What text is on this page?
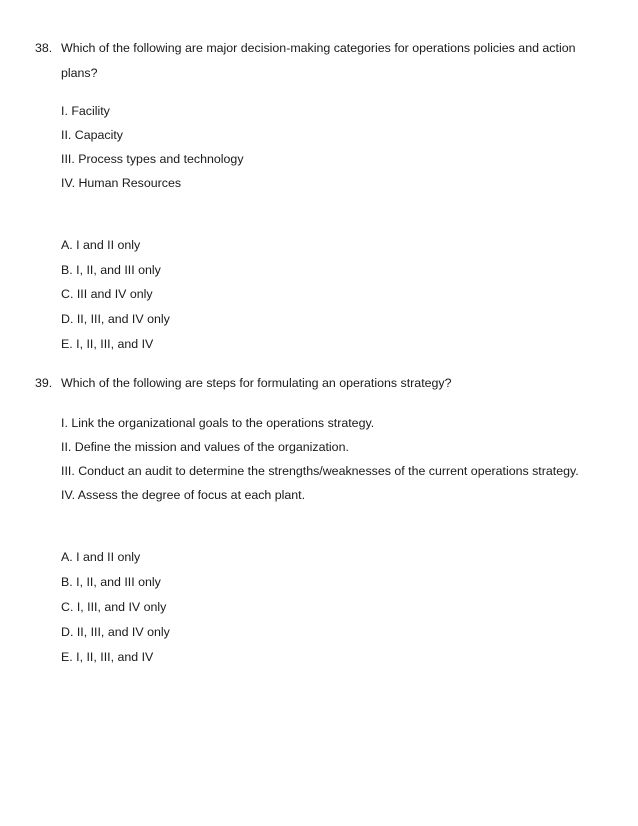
38. Which of the following are major decision-making categories for operations policies and action
plans?
I. Facility
II. Capacity
III. Process types and technology
IV. Human Resources
A. I and II only
B. I, II, and III only
C. III and IV only
D. II, III, and IV only
E. I, II, III, and IV
39. Which of the following are steps for formulating an operations strategy?
I. Link the organizational goals to the operations strategy.
II. Define the mission and values of the organization.
III. Conduct an audit to determine the strengths/weaknesses of the current operations strategy.
IV. Assess the degree of focus at each plant.
A. I and II only
B. I, II, and III only
C. I, III, and IV only
D. II, III, and IV only
E. I, II, III, and IV
